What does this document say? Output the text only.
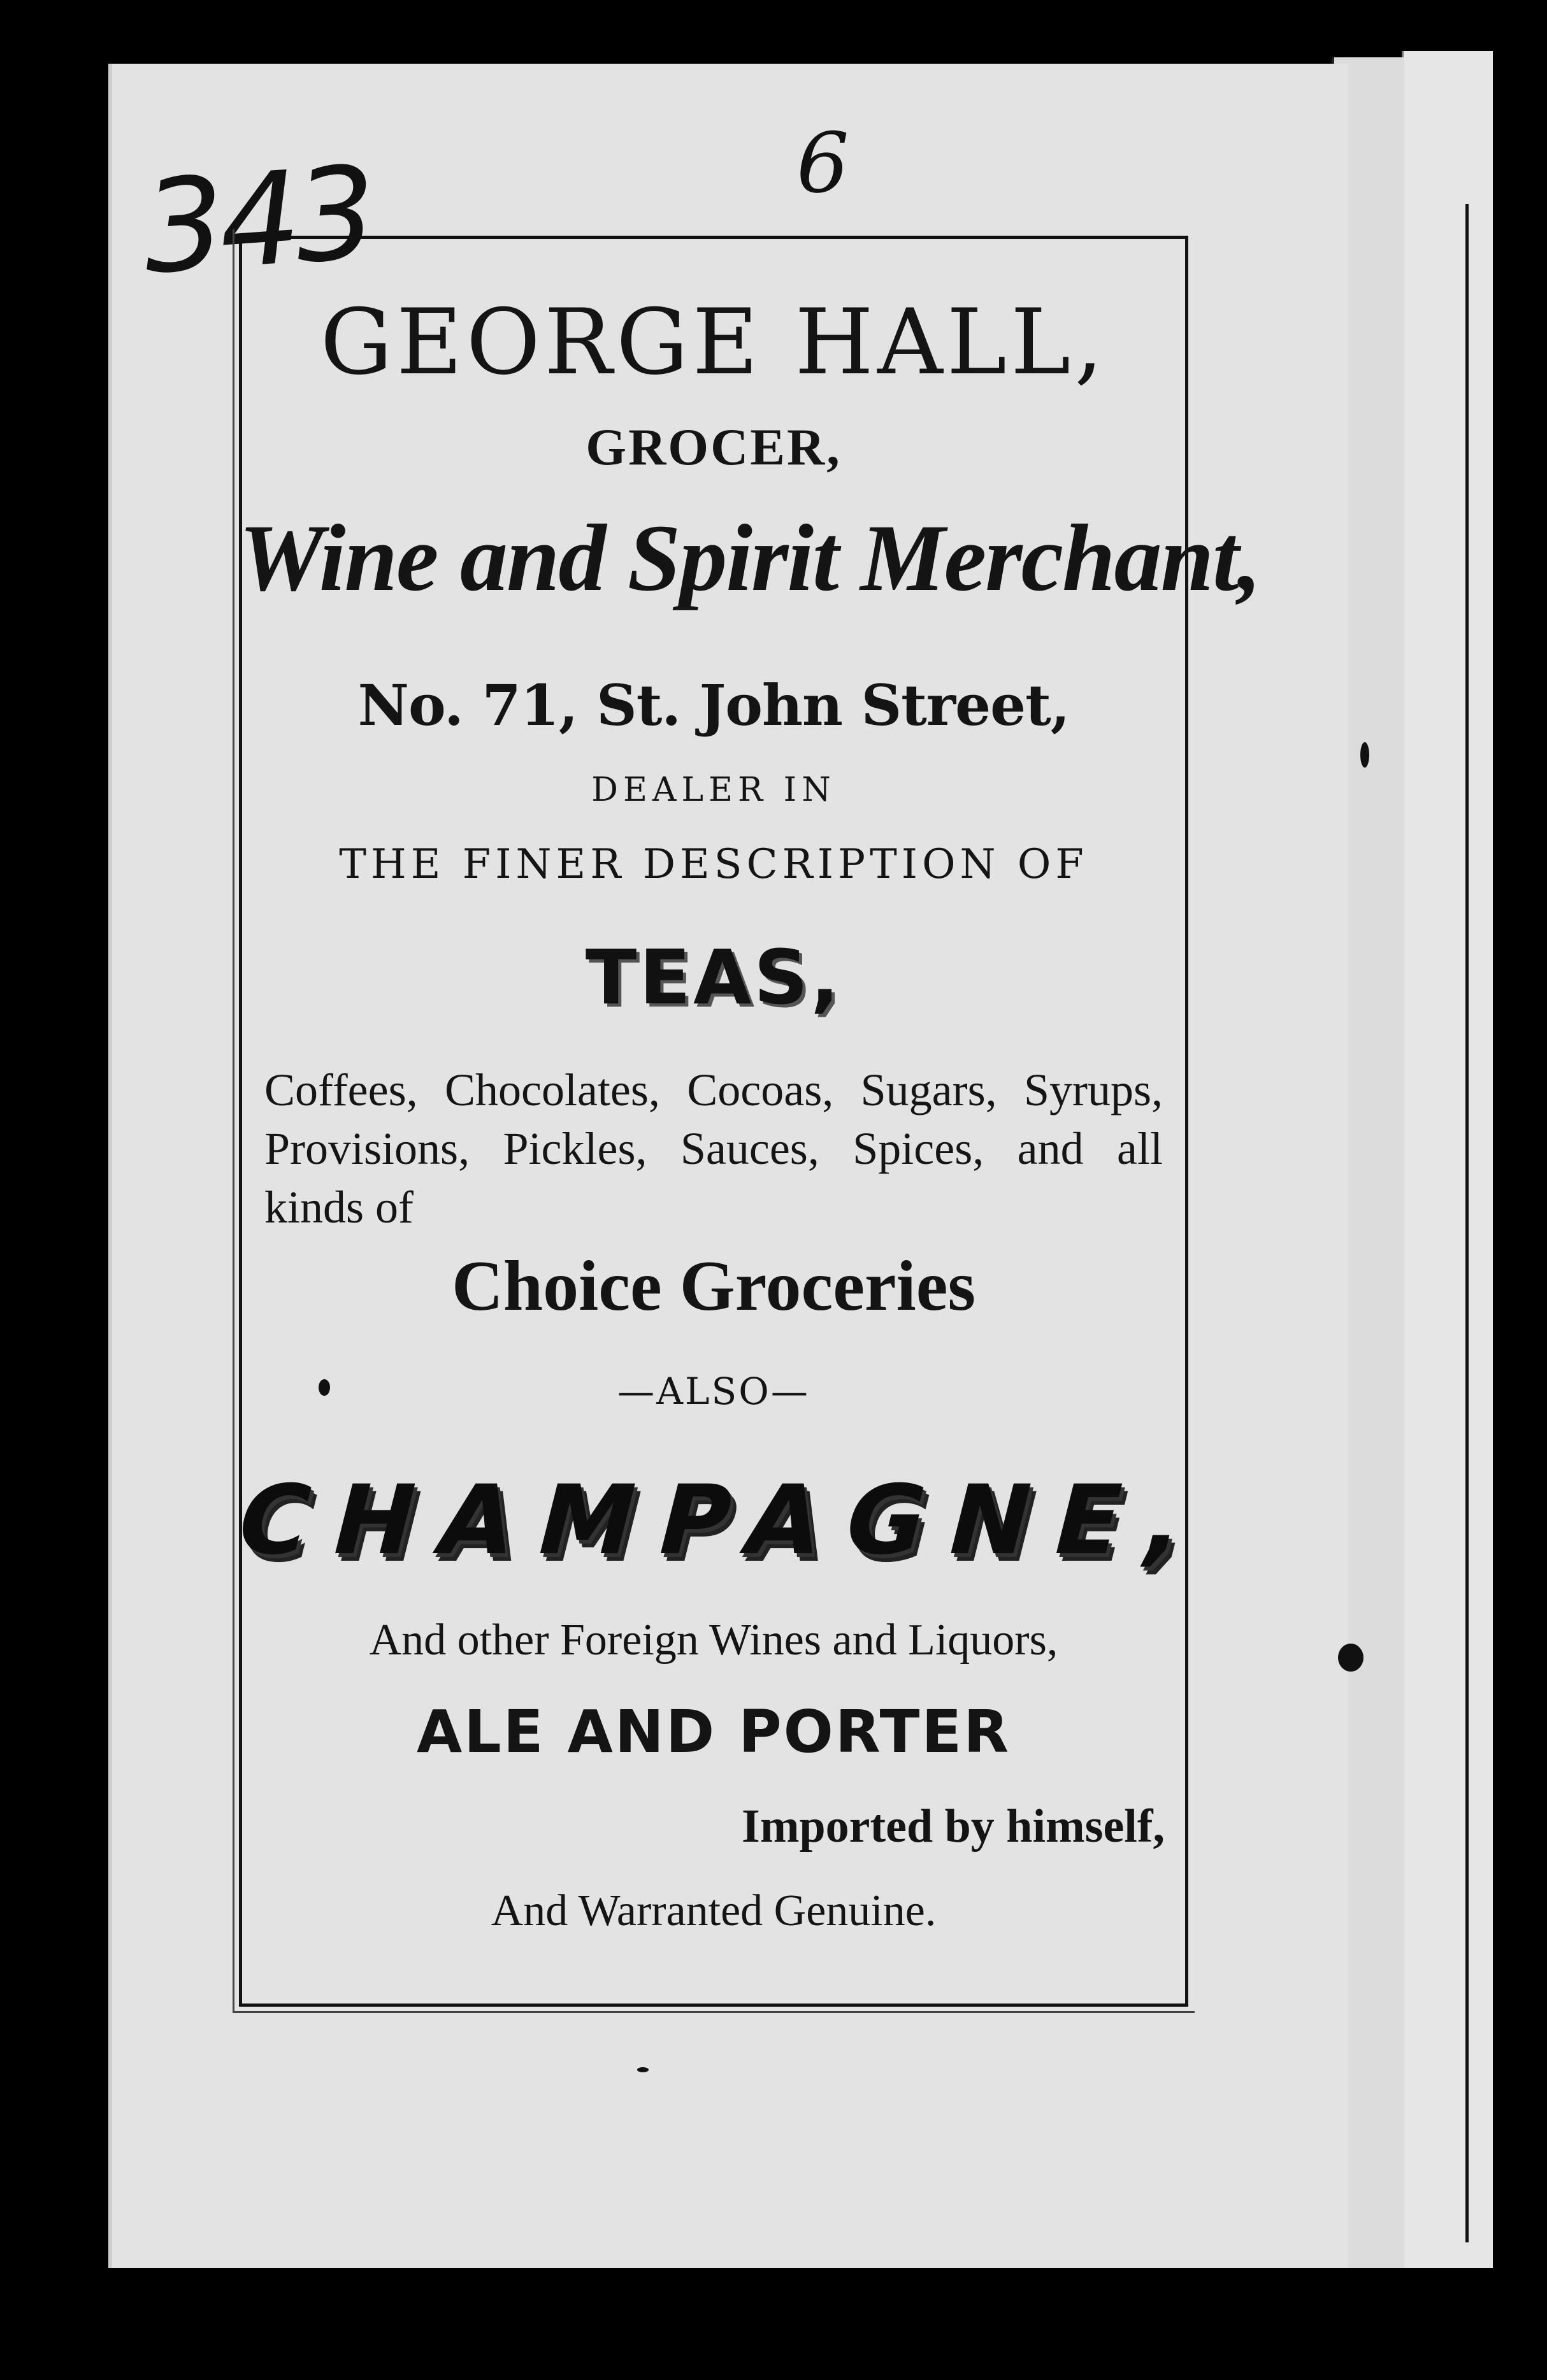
343	6
GEORGE HALL,
GROCER,
Wine and Spirit Merchant,
No. 71, St. John Street,
DEALER IN
THE FINER DESCRIPTION OF
TEAS,
Coffees, Chocolates, Cocoas, Sugars, Syrups, Provisions, Pickles, Sauces, Spices, and all kinds of
Choice Groceries
—ALSO—
CHAMPAGNE,
And other Foreign Wines and Liquors,
ALE AND PORTER
Imported by himself,
And Warranted Genuine.
